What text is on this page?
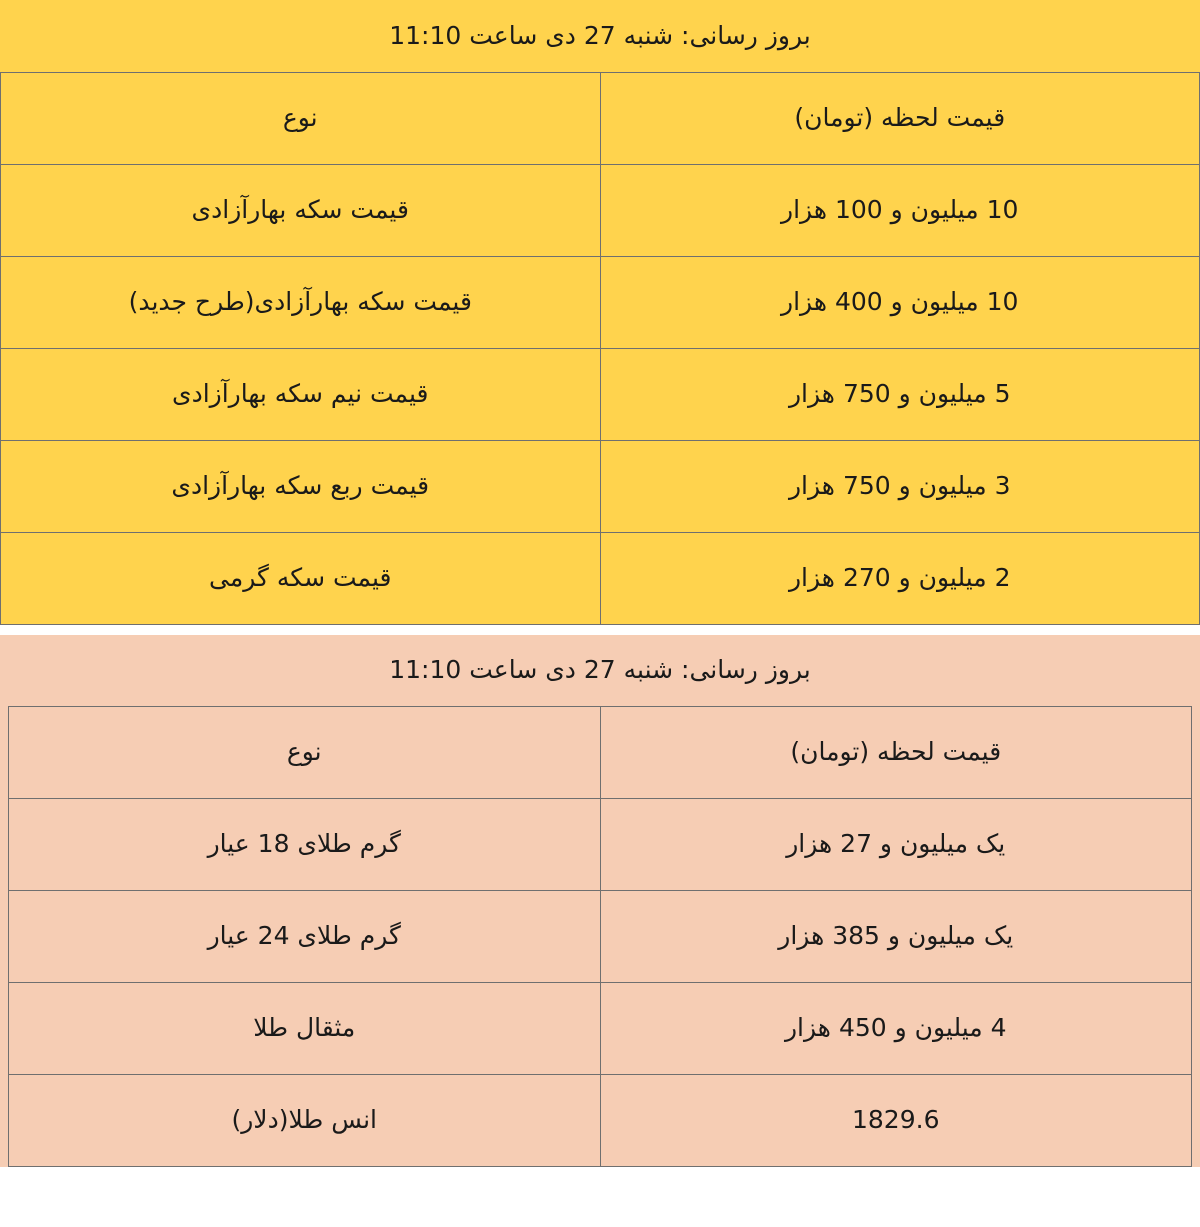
بروز رسانی: شنبه 27 دی ساعت 11:10	
قیمت لحظه (تومان)	نوع
10 میلیون و 100 هزار	قیمت سکه بهارآزادی
10 میلیون و 400 هزار	قیمت سکه بهارآزادی(طرح جدید)
5 میلیون و 750 هزار	قیمت نیم سکه بهارآزادی
3 میلیون و 750 هزار	قیمت ربع سکه بهارآزادی
2 میلیون و 270 هزار	قیمت سکه گرمی
بروز رسانی: شنبه 27 دی ساعت 11:10	
قیمت لحظه (تومان)	نوع
یک میلیون و 27 هزار	گرم طلای 18 عیار
یک میلیون و 385 هزار	گرم طلای 24 عیار
4 میلیون و 450 هزار	مثقال طلا
1829.6	انس طلا(دلار)
